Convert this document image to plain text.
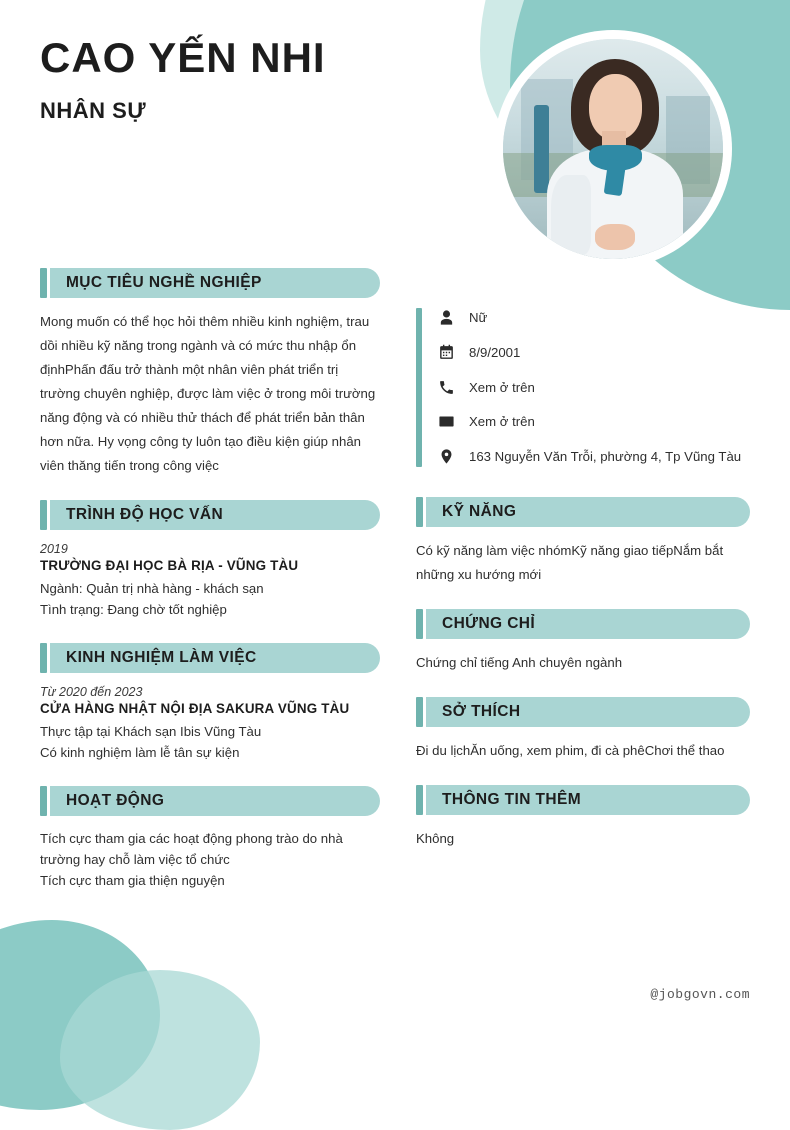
CAO YẾN NHI
NHÂN SỰ
MỤC TIÊU NGHỀ NGHIỆP
Mong muốn có thể học hỏi thêm nhiều kinh nghiệm, trau dồi nhiều kỹ năng trong ngành và có mức thu nhập ổn địnhPhấn đấu trở thành một nhân viên phát triển trị trường chuyên nghiệp, được làm việc ở trong môi trường năng động và có nhiều thử thách để phát triển bản thân hơn nữa. Hy vọng công ty luôn tạo điều kiện giúp nhân viên thăng tiến trong công việc
TRÌNH ĐỘ HỌC VẤN
2019
TRƯỜNG ĐẠI HỌC BÀ RỊA - VŨNG TÀU
Ngành: Quản trị nhà hàng - khách sạn
Tình trạng: Đang chờ tốt nghiệp
KINH NGHIỆM LÀM VIỆC
Từ 2020 đến 2023
CỬA HÀNG NHẬT NỘI ĐỊA SAKURA VŨNG TÀU
Thực tập tại Khách sạn Ibis Vũng Tàu
Có kinh nghiệm làm lễ tân sự kiện
HOẠT ĐỘNG
Tích cực tham gia các hoạt động phong trào do nhà trường hay chỗ làm việc tổ chức
Tích cực tham gia thiện nguyện
Nữ
8/9/2001
Xem ở trên
Xem ở trên
163 Nguyễn Văn Trỗi, phường 4, Tp Vũng Tàu
KỸ NĂNG
Có kỹ năng làm việc nhómKỹ năng giao tiếpNắm bắt những xu hướng mới
CHỨNG CHỈ
Chứng chỉ tiếng Anh chuyên ngành
SỞ THÍCH
Đi du lịchĂn uống, xem phim, đi cà phêChơi thể thao
THÔNG TIN THÊM
Không
@jobgovn.com
